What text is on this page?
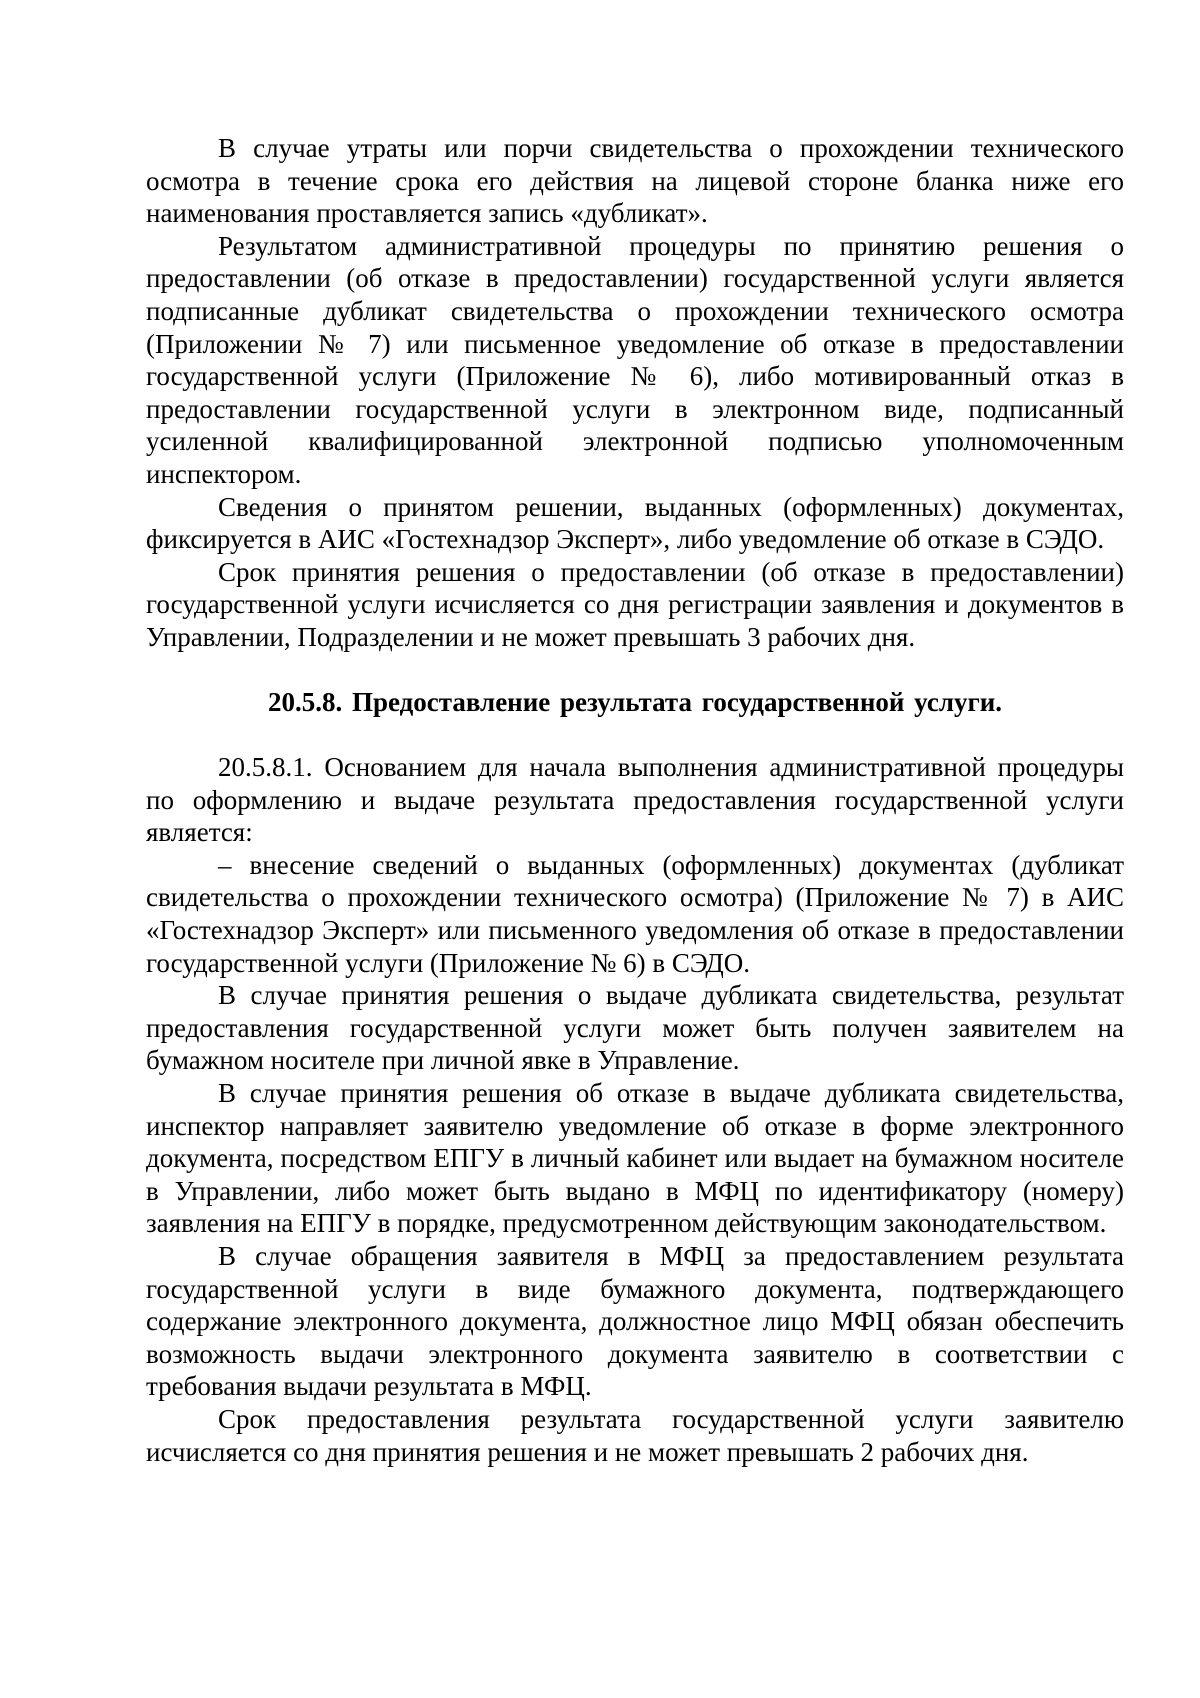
В случае утраты или порчи свидетельства о прохождении технического осмотра в течение срока его действия на лицевой стороне бланка ниже его наименования проставляется запись «дубликат».

Результатом административной процедуры по принятию решения о предоставлении (об отказе в предоставлении) государственной услуги является подписанные дубликат свидетельства о прохождении технического осмотра (Приложении № 7) или письменное уведомление об отказе в предоставлении государственной услуги (Приложение № 6), либо мотивированный отказ в предоставлении государственной услуги в электронном виде, подписанный усиленной квалифицированной электронной подписью уполномоченным инспектором.

Сведения о принятом решении, выданных (оформленных) документах, фиксируется в АИС «Гостехнадзор Эксперт», либо уведомление об отказе в СЭДО.

Срок принятия решения о предоставлении (об отказе в предоставлении) государственной услуги исчисляется со дня регистрации заявления и документов в Управлении, Подразделении и не может превышать 3 рабочих дня.

20.5.8. Предоставление результата государственной услуги.

20.5.8.1. Основанием для начала выполнения административной процедуры по оформлению и выдаче результата предоставления государственной услуги является:

– внесение сведений о выданных (оформленных) документах (дубликат свидетельства о прохождении технического осмотра) (Приложение № 7) в АИС «Гостехнадзор Эксперт» или письменного уведомления об отказе в предоставлении государственной услуги (Приложение № 6) в СЭДО.

В случае принятия решения о выдаче дубликата свидетельства, результат предоставления государственной услуги может быть получен заявителем на бумажном носителе при личной явке в Управление.

В случае принятия решения об отказе в выдаче дубликата свидетельства, инспектор направляет заявителю уведомление об отказе в форме электронного документа, посредством ЕПГУ в личный кабинет или выдает на бумажном носителе в Управлении, либо может быть выдано в МФЦ по идентификатору (номеру) заявления на ЕПГУ в порядке, предусмотренном действующим законодательством.

В случае обращения заявителя в МФЦ за предоставлением результата государственной услуги в виде бумажного документа, подтверждающего содержание электронного документа, должностное лицо МФЦ обязан обеспечить возможность выдачи электронного документа заявителю в соответствии с требования выдачи результата в МФЦ.

Срок предоставления результата государственной услуги заявителю исчисляется со дня принятия решения и не может превышать 2 рабочих дня.
